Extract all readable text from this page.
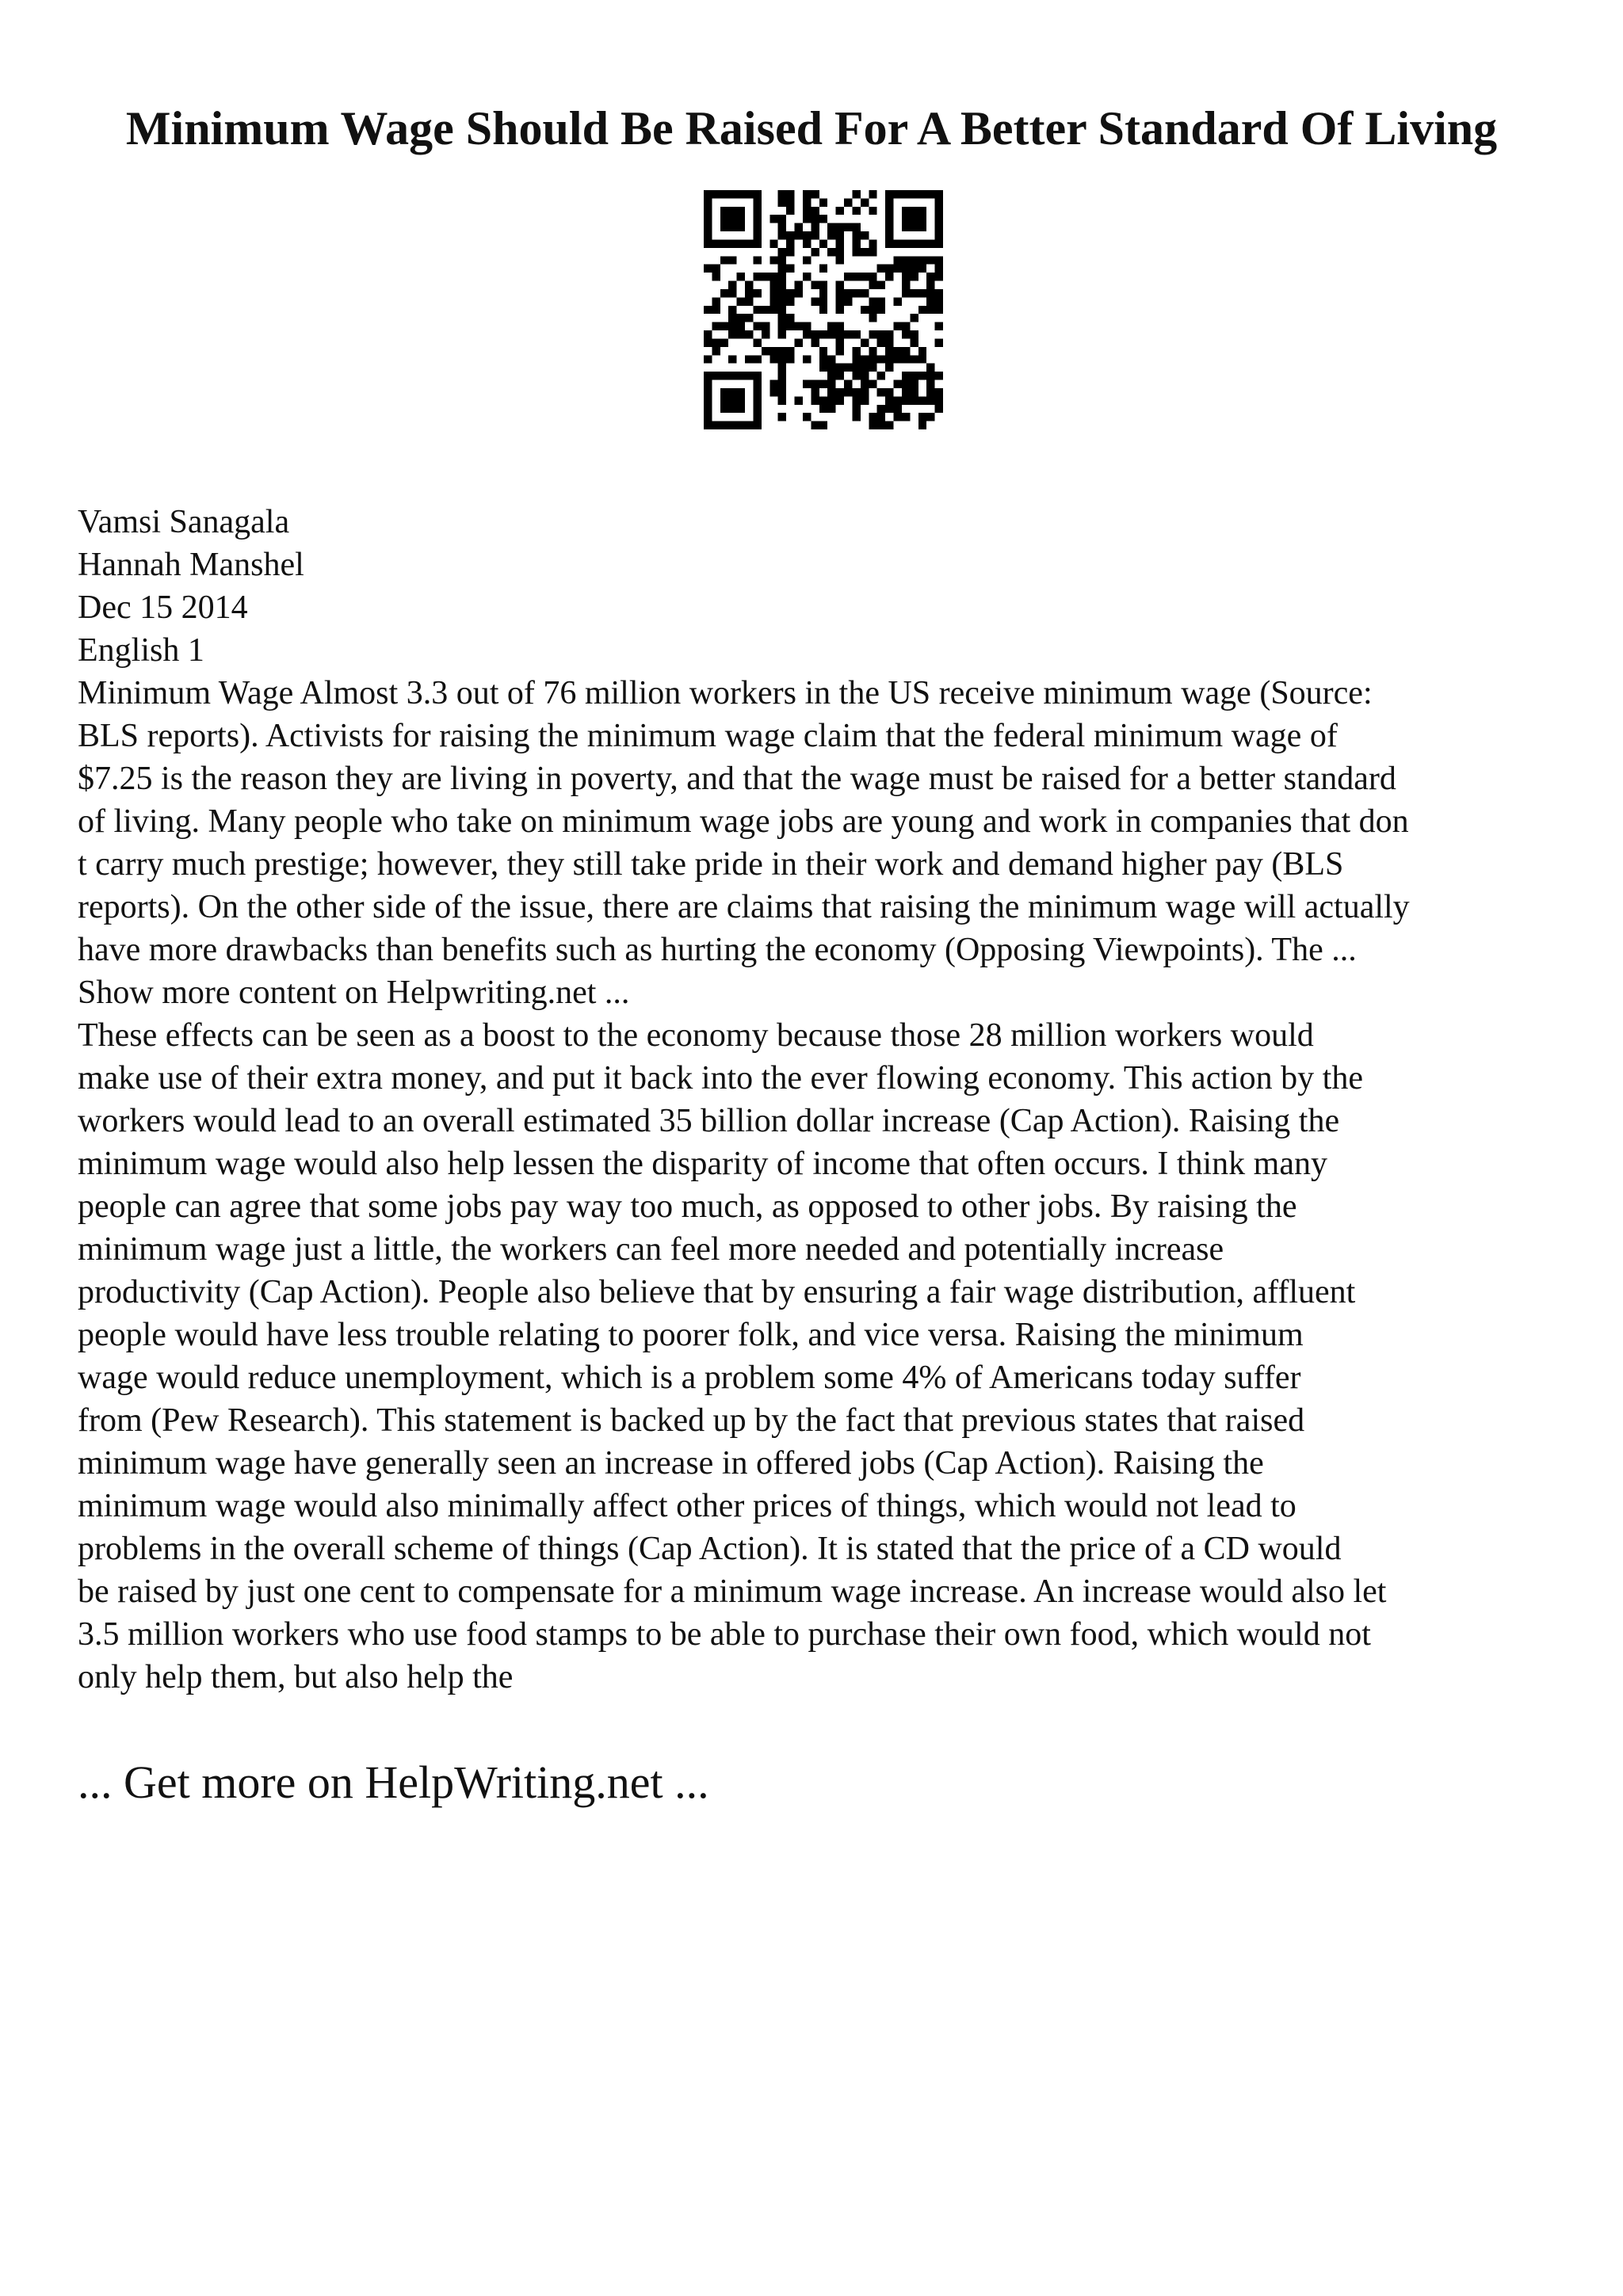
Minimum Wage Should Be Raised For A Better Standard Of Living
Vamsi Sanagala
Hannah Manshel
Dec 15 2014
English 1
Minimum Wage Almost 3.3 out of 76 million workers in the US receive minimum wage (Source:
BLS reports). Activists for raising the minimum wage claim that the federal minimum wage of
$7.25 is the reason they are living in poverty, and that the wage must be raised for a better standard
of living. Many people who take on minimum wage jobs are young and work in companies that don
t carry much prestige; however, they still take pride in their work and demand higher pay (BLS
reports). On the other side of the issue, there are claims that raising the minimum wage will actually
have more drawbacks than benefits such as hurting the economy (Opposing Viewpoints). The ...
Show more content on Helpwriting.net ...
These effects can be seen as a boost to the economy because those 28 million workers would
make use of their extra money, and put it back into the ever flowing economy. This action by the
workers would lead to an overall estimated 35 billion dollar increase (Cap Action). Raising the
minimum wage would also help lessen the disparity of income that often occurs. I think many
people can agree that some jobs pay way too much, as opposed to other jobs. By raising the
minimum wage just a little, the workers can feel more needed and potentially increase
productivity (Cap Action). People also believe that by ensuring a fair wage distribution, affluent
people would have less trouble relating to poorer folk, and vice versa. Raising the minimum
wage would reduce unemployment, which is a problem some 4% of Americans today suffer
from (Pew Research). This statement is backed up by the fact that previous states that raised
minimum wage have generally seen an increase in offered jobs (Cap Action). Raising the
minimum wage would also minimally affect other prices of things, which would not lead to
problems in the overall scheme of things (Cap Action). It is stated that the price of a CD would
be raised by just one cent to compensate for a minimum wage increase. An increase would also let
3.5 million workers who use food stamps to be able to purchase their own food, which would not
only help them, but also help the
... Get more on HelpWriting.net ...
